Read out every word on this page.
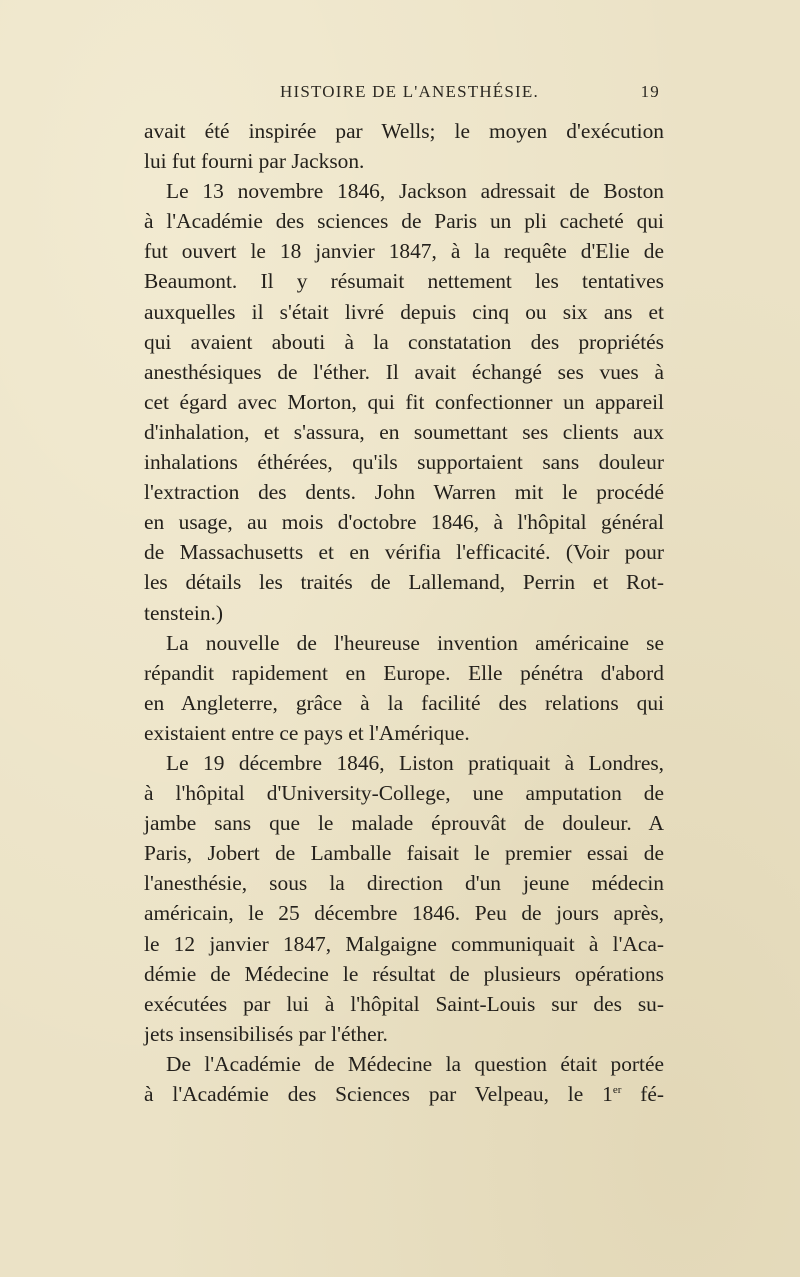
HISTOIRE DE L'ANESTHÉSIE.	19
avait été inspirée par Wells; le moyen d'exécution
lui fut fourni par Jackson.
Le 13 novembre 1846, Jackson adressait de Boston
à l'Académie des sciences de Paris un pli cacheté qui
fut ouvert le 18 janvier 1847, à la requête d'Elie de
Beaumont. Il y résumait nettement les tentatives
auxquelles il s'était livré depuis cinq ou six ans et
qui avaient abouti à la constatation des propriétés
anesthésiques de l'éther. Il avait échangé ses vues à
cet égard avec Morton, qui fit confectionner un appareil
d'inhalation, et s'assura, en soumettant ses clients aux
inhalations éthérées, qu'ils supportaient sans douleur
l'extraction des dents. John Warren mit le procédé
en usage, au mois d'octobre 1846, à l'hôpital général
de Massachusetts et en vérifia l'efficacité. (Voir pour
les détails les traités de Lallemand, Perrin et Rot-
tenstein.)
La nouvelle de l'heureuse invention américaine se
répandit rapidement en Europe. Elle pénétra d'abord
en Angleterre, grâce à la facilité des relations qui
existaient entre ce pays et l'Amérique.
Le 19 décembre 1846, Liston pratiquait à Londres,
à l'hôpital d'University-College, une amputation de
jambe sans que le malade éprouvât de douleur. A
Paris, Jobert de Lamballe faisait le premier essai de
l'anesthésie, sous la direction d'un jeune médecin
américain, le 25 décembre 1846. Peu de jours après,
le 12 janvier 1847, Malgaigne communiquait à l'Aca-
démie de Médecine le résultat de plusieurs opérations
exécutées par lui à l'hôpital Saint-Louis sur des su-
jets insensibilisés par l'éther.
De l'Académie de Médecine la question était portée
à l'Académie des Sciences par Velpeau, le 1er fé-
